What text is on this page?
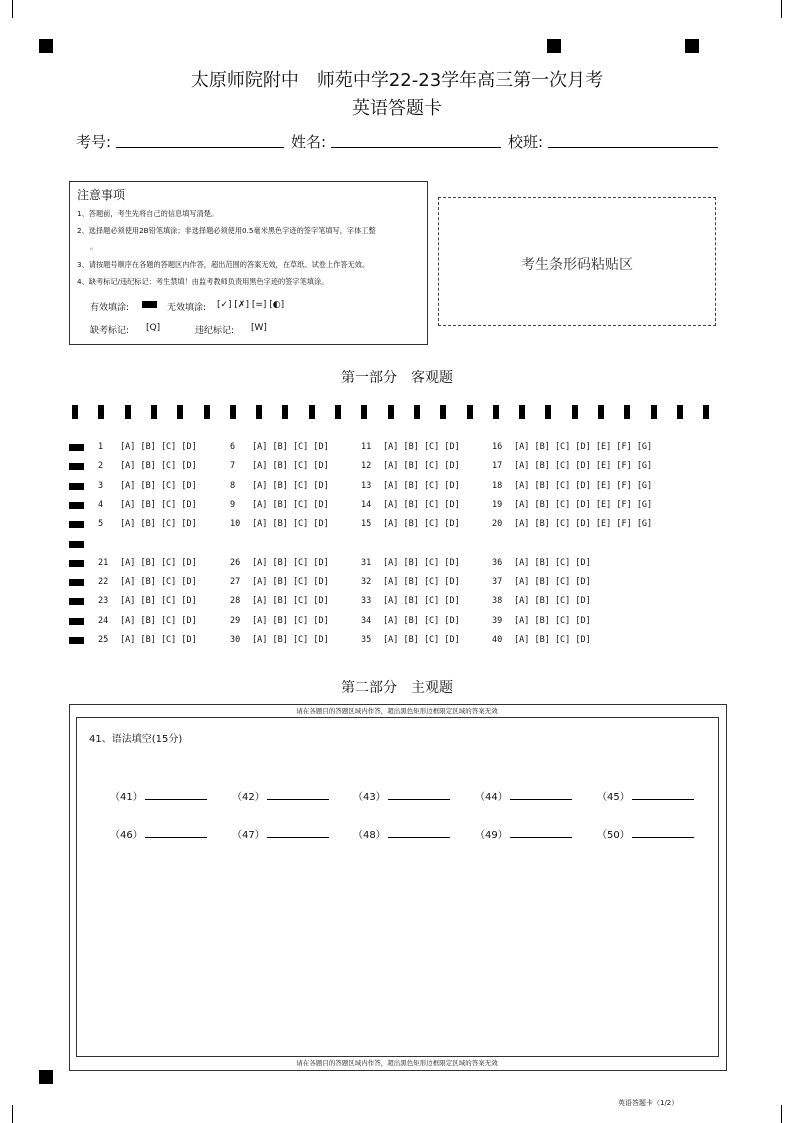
太原师院附中　师苑中学22-23学年高三第一次月考
英语答题卡
考号:	姓名:	校班:
注意事项
1、答题前，考生先将自己的信息填写清楚。
2、选择题必须使用2B铅笔填涂；非选择题必须使用0.5毫米黑色字迹的签字笔填写，字体工整
。
3、请按题号顺序在各题的答题区内作答，超出范围的答案无效，在草纸、试卷上作答无效。
4、缺考标记/违纪标记：考生禁填！由监考教师负责用黑色字迹的签字笔填涂。
有效填涂:	无效填涂: [✓] [✗] [=] [◐]
缺考标记: [Q]	违纪标记: [W]
考生条形码粘贴区
第一部分　客观题
1 [A] [B] [C] [D]	6 [A] [B] [C] [D]	11 [A] [B] [C] [D]	16 [A] [B] [C] [D] [E] [F] [G]
2 [A] [B] [C] [D]	7 [A] [B] [C] [D]	12 [A] [B] [C] [D]	17 [A] [B] [C] [D] [E] [F] [G]
3 [A] [B] [C] [D]	8 [A] [B] [C] [D]	13 [A] [B] [C] [D]	18 [A] [B] [C] [D] [E] [F] [G]
4 [A] [B] [C] [D]	9 [A] [B] [C] [D]	14 [A] [B] [C] [D]	19 [A] [B] [C] [D] [E] [F] [G]
5 [A] [B] [C] [D]	10 [A] [B] [C] [D]	15 [A] [B] [C] [D]	20 [A] [B] [C] [D] [E] [F] [G]
21 [A] [B] [C] [D]	26 [A] [B] [C] [D]	31 [A] [B] [C] [D]	36 [A] [B] [C] [D]
22 [A] [B] [C] [D]	27 [A] [B] [C] [D]	32 [A] [B] [C] [D]	37 [A] [B] [C] [D]
23 [A] [B] [C] [D]	28 [A] [B] [C] [D]	33 [A] [B] [C] [D]	38 [A] [B] [C] [D]
24 [A] [B] [C] [D]	29 [A] [B] [C] [D]	34 [A] [B] [C] [D]	39 [A] [B] [C] [D]
25 [A] [B] [C] [D]	30 [A] [B] [C] [D]	35 [A] [B] [C] [D]	40 [A] [B] [C] [D]
第二部分　主观题
请在各题目的答题区域内作答，超出黑色矩形边框限定区域的答案无效
41、语法填空(15分)
（41）	（42）	（43）	（44）	（45）
（46）	（47）	（48）	（49）	（50）
请在各题目的答题区域内作答，超出黑色矩形边框限定区域的答案无效
英语答题卡（1/2）
